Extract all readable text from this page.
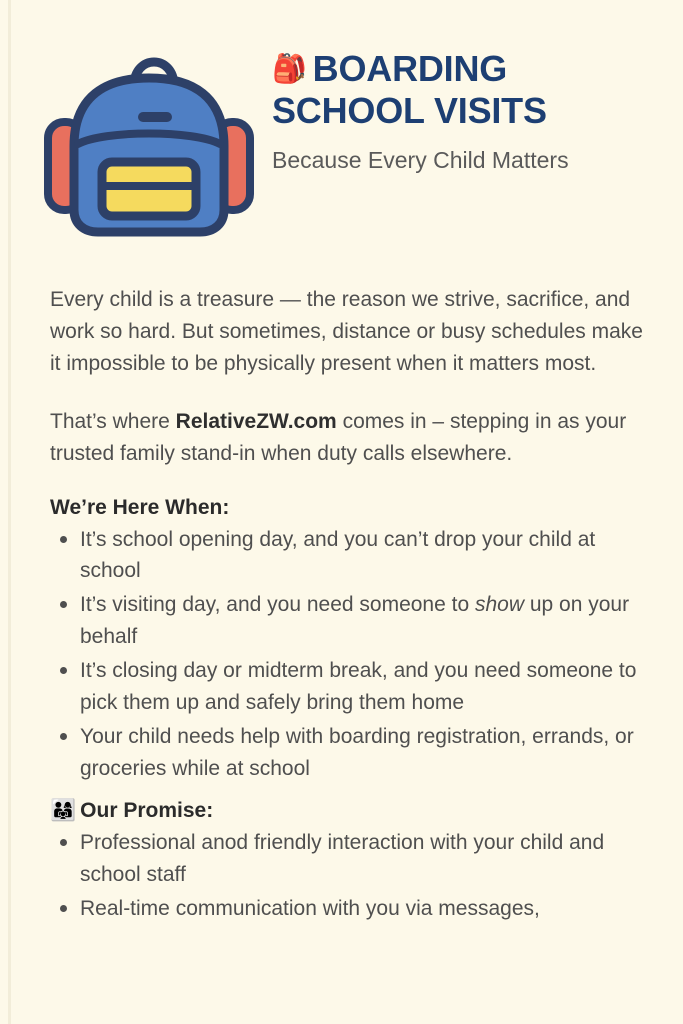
🎒 BOARDING
SCHOOL VISITS
Because Every Child Matters

Every child is a treasure — the reason we strive, sacrifice, and work so hard. But sometimes, distance or busy schedules make it impossible to be physically present when it matters most.

That’s where RelativeZW.com comes in – stepping in as your trusted family stand-in when duty calls elsewhere.

We’re Here When:
It’s school opening day, and you can’t drop your child at school
It’s visiting day, and you need someone to show up on your behalf
It’s closing day or midterm break, and you need someone to pick them up and safely bring them home
Your child needs help with boarding registration, errands, or groceries while at school
👨‍👩‍👧 Our Promise:
Professional anod friendly interaction with your child and school staff
Real-time communication with you via messages,
